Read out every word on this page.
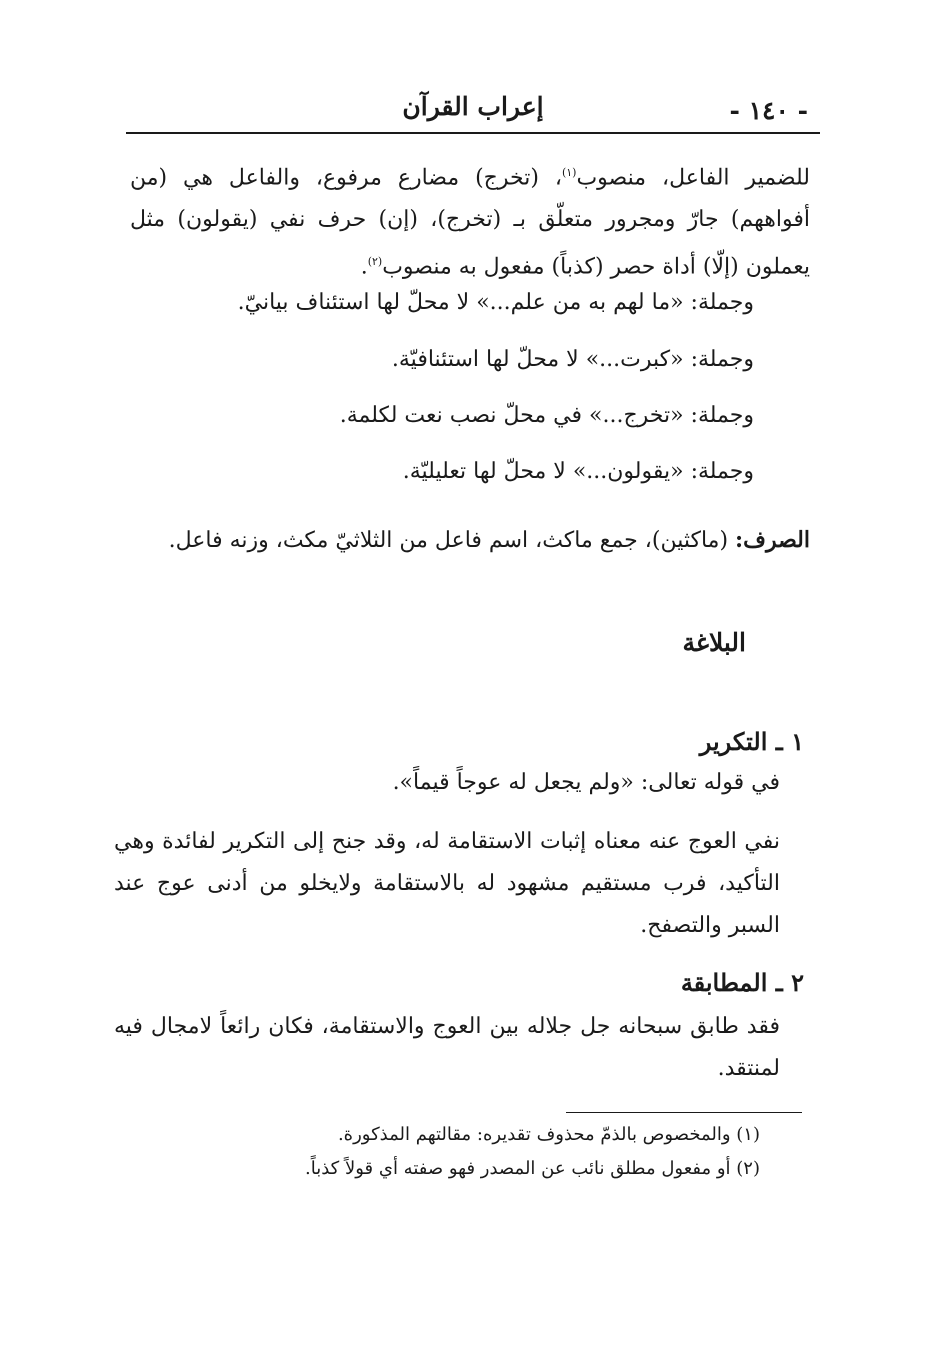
- ١٤٠ -
إعراب القرآن
للضمير الفاعل، منصوب$^{(١)}$، (تخرج) مضارع مرفوع، والفاعل هي (من أفواههم) جارّ ومجرور متعلّق بـ (تخرج)، (إن) حرف نفي (يقولون) مثل يعملون (إلّا) أداة حصر (كذباً) مفعول به منصوب$^{(٢)}$.
وجملة: «ما لهم به من علم...» لا محلّ لها استئناف بيانيّ.
وجملة: «كبرت...» لا محلّ لها استئنافيّة.
وجملة: «تخرج...» في محلّ نصب نعت لكلمة.
وجملة: «يقولون...» لا محلّ لها تعليليّة.
الصرف: (ماكثين)، جمع ماكث، اسم فاعل من الثلاثيّ مكث، وزنه فاعل.
البلاغة
١ ـ التكرير
في قوله تعالى: «ولم يجعل له عوجاً قيماً».
نفي العوج عنه معناه إثبات الاستقامة له، وقد جنح إلى التكرير لفائدة وهي التأكيد، فرب مستقيم مشهود له بالاستقامة ولايخلو من أدنى عوج عند السبر والتصفح.
٢ ـ المطابقة
فقد طابق سبحانه جل جلاله بين العوج والاستقامة، فكان رائعاً لامجال فيه لمنتقد.
(١) والمخصوص بالذمّ محذوف تقديره: مقالتهم المذكورة.
(٢) أو مفعول مطلق نائب عن المصدر فهو صفته أي قولاً كذباً.
